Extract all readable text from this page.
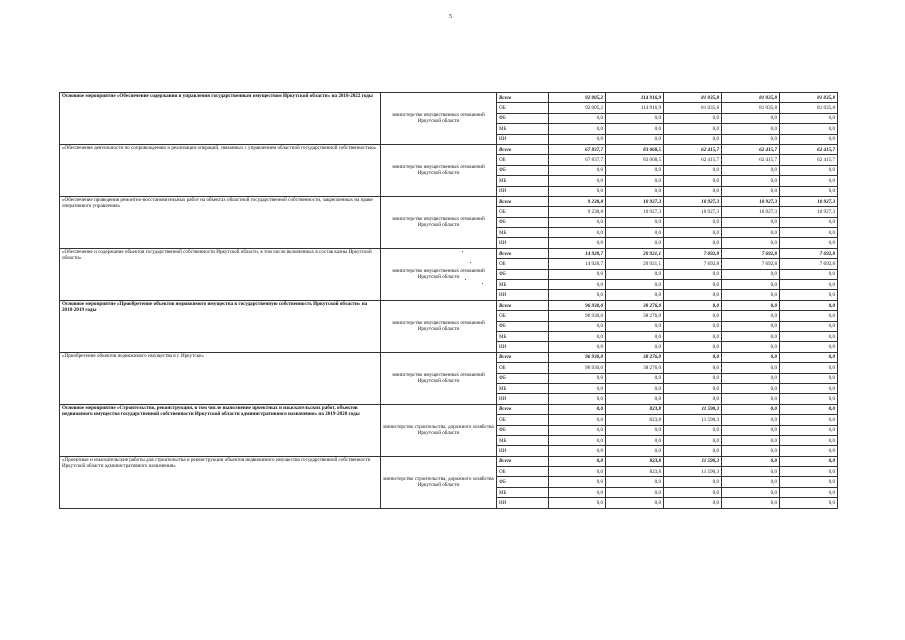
5
Основное мероприятие «Обеспечение содержания и управления государственным имуществом Иркутской области» на 2018-2022 годы	министерство имущественных отношений Иркутской области	Всего	92 005,2	114 916,9	81 035,8	81 035,8	81 035,8
		ОБ	92 005,2	114 916,9	81 035,8	81 035,8	81 035,8
		ФБ	0,0	0,0	0,0	0,0	0,0
		МБ	0,0	0,0	0,0	0,0	0,0
		ИИ	0,0	0,0	0,0	0,0	0,0
«Обеспечение деятельности по сопровождению и реализации операций, связанных с управлением областной государственной собственностью»	министерство имущественных отношений Иркутской области	Всего	67 837,7	83 068,5	62 415,7	62 415,7	62 415,7
		ОБ	67 837,7	83 068,5	62 415,7	62 415,7	62 415,7
		ФБ	0,0	0,0	0,0	0,0	0,0
		МБ	0,0	0,0	0,0	0,0	0,0
		ИИ	0,0	0,0	0,0	0,0	0,0
«Обеспечение проведения ремонтно-восстановительных работ на объектах областной государственной собственности, закрепленных на праве оперативного управления»	министерство имущественных отношений Иркутской области	Всего	9 238,8	10 927,3	10 927,3	10 927,3	10 927,3
		ОБ	9 238,8	10 927,3	10 927,3	10 927,3	10 927,3
		ФБ	0,0	0,0	0,0	0,0	0,0
		МБ	0,0	0,0	0,0	0,0	0,0
		ИИ	0,0	0,0	0,0	0,0	0,0
«Обеспечение и содержание объектов государственной собственности Иркутской области, в том числе включенных в состав казны Иркутской области»	министерство имущественных отношений Иркутской области	Всего	14 928,7	20 921,1	7 692,8	7 692,8	7 692,8
		ОБ	14 928,7	20 921,1	7 692,8	7 692,8	7 692,8
		ФБ	0,0	0,0	0,0	0,0	0,0
		МБ	0,0	0,0	0,0	0,0	0,0
		ИИ	0,0	0,0	0,0	0,0	0,0
Основное мероприятие «Приобретение объектов недвижимого имущества в государственную собственность Иркутской области» на 2018-2019 годы	министерство имущественных отношений Иркутской области	Всего	96 930,0	38 276,0	0,0	0,0	0,0
		ОБ	96 930,0	38 276,0	0,0	0,0	0,0
		ФБ	0,0	0,0	0,0	0,0	0,0
		МБ	0,0	0,0	0,0	0,0	0,0
		ИИ	0,0	0,0	0,0	0,0	0,0
«Приобретение объектов недвижимого имущества в г. Иркутске»	министерство имущественных отношений Иркутской области	Всего	96 930,0	38 276,0	0,0	0,0	0,0
		ОБ	96 930,0	38 276,0	0,0	0,0	0,0
		ФБ	0,0	0,0	0,0	0,0	0,0
		МБ	0,0	0,0	0,0	0,0	0,0
		ИИ	0,0	0,0	0,0	0,0	0,0
Основное мероприятие «Строительство, реконструкция, в том числе выполнение проектных и изыскательских работ, объектов недвижимого имущества государственной собственности Иркутской области административного назначения» на 2019-2020 годы	министерство строительства, дорожного хозяйства Иркутской области	Всего	0,0	823,8	11 590,3	0,0	0,0
		ОБ	0,0	823,8	11 590,3	0,0	0,0
		ФБ	0,0	0,0	0,0	0,0	0,0
		МБ	0,0	0,0	0,0	0,0	0,0
		ИИ	0,0	0,0	0,0	0,0	0,0
«Проектные и изыскательские работы для строительства и реконструкции объектов недвижимого имущества государственной собственности Иркутской области административного назначения»	министерство строительства, дорожного хозяйства Иркутской области	Всего	0,0	823,8	11 590,3	0,0	0,0
		ОБ	0,0	823,8	11 590,3	0,0	0,0
		ФБ	0,0	0,0	0,0	0,0	0,0
		МБ	0,0	0,0	0,0	0,0	0,0
		ИИ	0,0	0,0	0,0	0,0	0,0
